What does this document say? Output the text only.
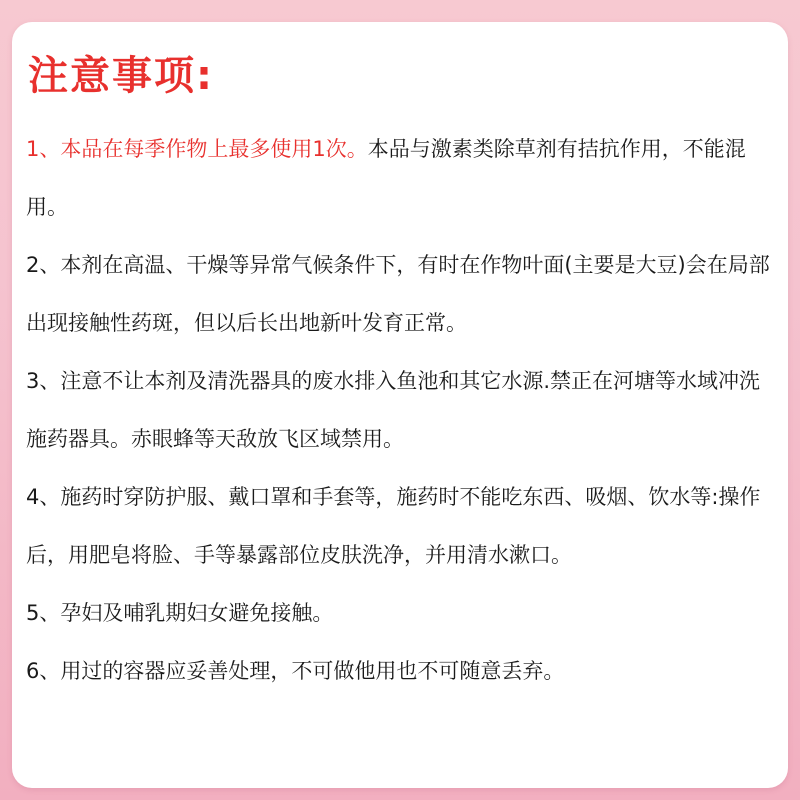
注意事项:

1、本品在每季作物上最多使用1次。本品与激素类除草剂有拮抗作用，不能混用。

2、本剂在高温、干燥等异常气候条件下，有时在作物叶面(主要是大豆)会在局部出现接触性药斑，但以后长出地新叶发育正常。

3、注意不让本剂及清洗器具的废水排入鱼池和其它水源.禁正在河塘等水域冲洗施药器具。赤眼蜂等天敌放飞区域禁用。

4、施药时穿防护服、戴口罩和手套等，施药时不能吃东西、吸烟、饮水等:操作后，用肥皂将脸、手等暴露部位皮肤洗净，并用清水漱口。

5、孕妇及哺乳期妇女避免接触。

6、用过的容器应妥善处理，不可做他用也不可随意丢弃。
